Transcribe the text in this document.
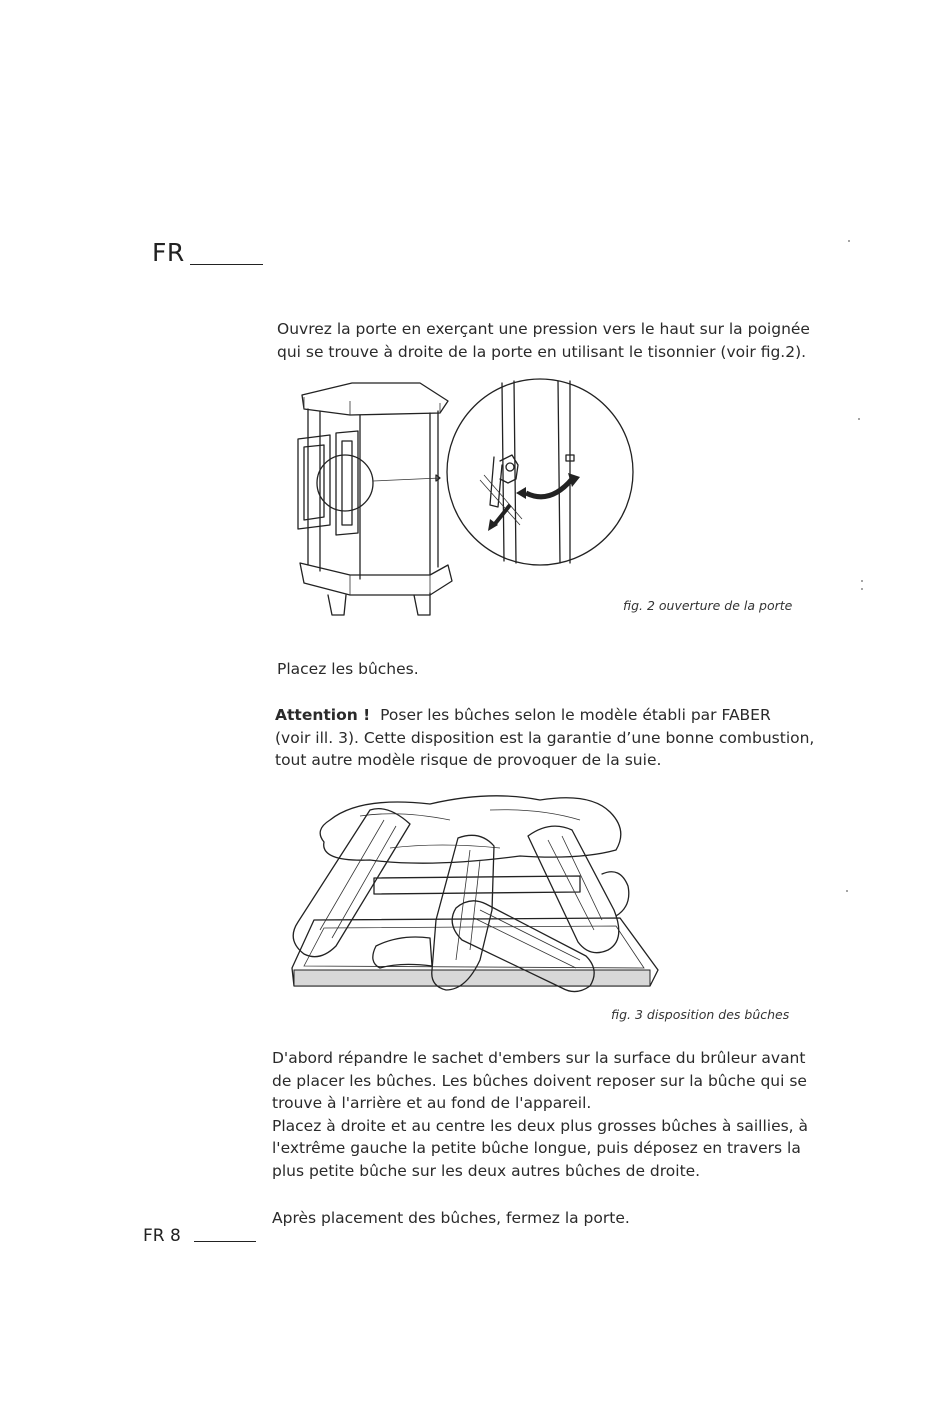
FR
Ouvrez la porte en exerçant une pression vers le haut sur la poignée
qui se trouve à droite de la porte en utilisant le tisonnier (voir fig.2).
fig. 2 ouverture de la porte
Placez les bûches.
Attention ! Poser les bûches selon le modèle établi par FABER
(voir ill. 3). Cette disposition est la garantie d’une bonne combustion,
tout autre modèle risque de provoquer de la suie.
fig. 3 disposition des bûches
D'abord répandre le sachet d'embers sur la surface du brûleur avant
de placer les bûches. Les bûches doivent reposer sur la bûche qui se
trouve à l'arrière et au fond de l'appareil.
Placez à droite et au centre les deux plus grosses bûches à saillies, à
l'extrême gauche la petite bûche longue, puis déposez en travers la
plus petite bûche sur les deux autres bûches de droite.
Après placement des bûches, fermez la porte.
FR 8
